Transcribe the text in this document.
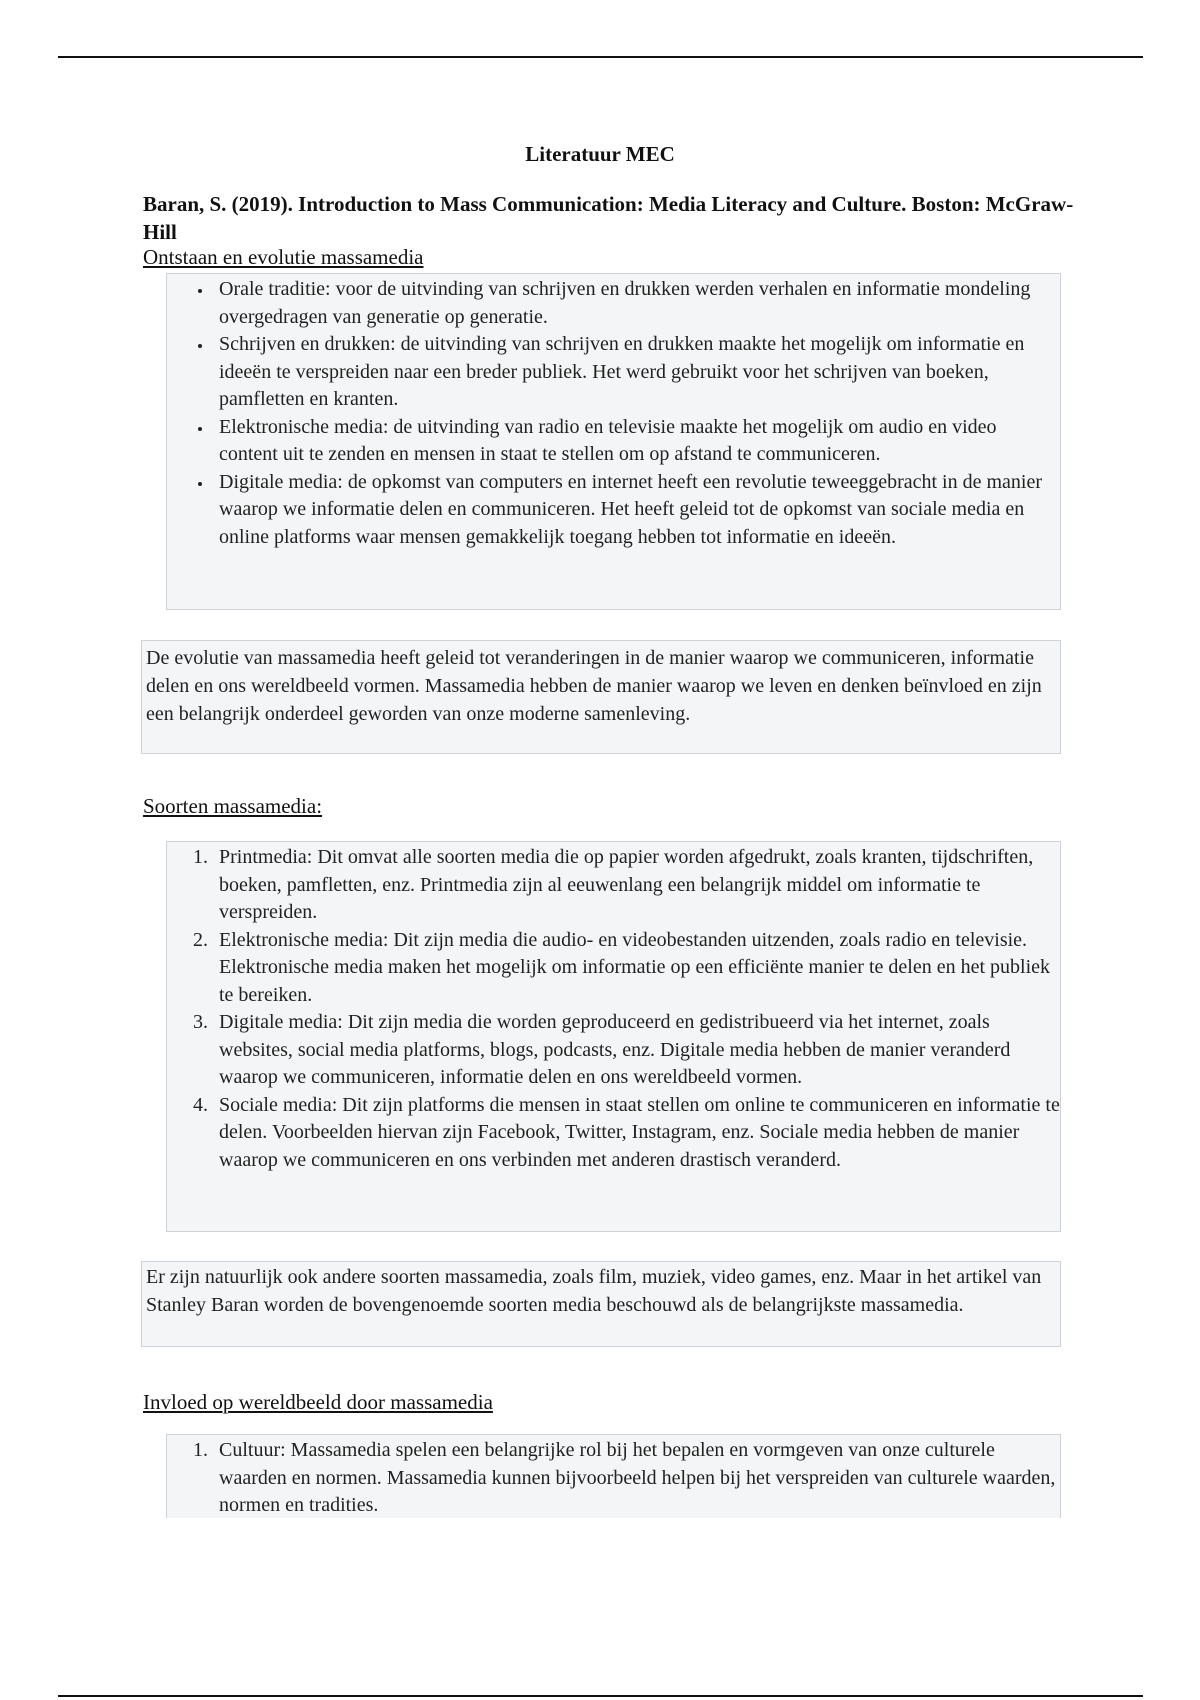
Literatuur MEC

Baran, S. (2019). Introduction to Mass Communication: Media Literacy and Culture. Boston: McGraw-Hill

Ontstaan en evolutie massamedia

• Orale traditie: voor de uitvinding van schrijven en drukken werden verhalen en informatie mondeling overgedragen van generatie op generatie.
• Schrijven en drukken: de uitvinding van schrijven en drukken maakte het mogelijk om informatie en ideeën te verspreiden naar een breder publiek. Het werd gebruikt voor het schrijven van boeken, pamfletten en kranten.
• Elektronische media: de uitvinding van radio en televisie maakte het mogelijk om audio en video content uit te zenden en mensen in staat te stellen om op afstand te communiceren.
• Digitale media: de opkomst van computers en internet heeft een revolutie teweeggebracht in de manier waarop we informatie delen en communiceren. Het heeft geleid tot de opkomst van sociale media en online platforms waar mensen gemakkelijk toegang hebben tot informatie en ideeën.

De evolutie van massamedia heeft geleid tot veranderingen in de manier waarop we communiceren, informatie delen en ons wereldbeeld vormen. Massamedia hebben de manier waarop we leven en denken beïnvloed en zijn een belangrijk onderdeel geworden van onze moderne samenleving.

Soorten massamedia:

1. Printmedia: Dit omvat alle soorten media die op papier worden afgedrukt, zoals kranten, tijdschriften, boeken, pamfletten, enz. Printmedia zijn al eeuwenlang een belangrijk middel om informatie te verspreiden.
2. Elektronische media: Dit zijn media die audio- en videobestanden uitzenden, zoals radio en televisie. Elektronische media maken het mogelijk om informatie op een efficiënte manier te delen en het publiek te bereiken.
3. Digitale media: Dit zijn media die worden geproduceerd en gedistribueerd via het internet, zoals websites, social media platforms, blogs, podcasts, enz. Digitale media hebben de manier veranderd waarop we communiceren, informatie delen en ons wereldbeeld vormen.
4. Sociale media: Dit zijn platforms die mensen in staat stellen om online te communiceren en informatie te delen. Voorbeelden hiervan zijn Facebook, Twitter, Instagram, enz. Sociale media hebben de manier waarop we communiceren en ons verbinden met anderen drastisch veranderd.

Er zijn natuurlijk ook andere soorten massamedia, zoals film, muziek, video games, enz. Maar in het artikel van Stanley Baran worden de bovengenoemde soorten media beschouwd als de belangrijkste massamedia.

Invloed op wereldbeeld door massamedia

1. Cultuur: Massamedia spelen een belangrijke rol bij het bepalen en vormgeven van onze culturele waarden en normen. Massamedia kunnen bijvoorbeeld helpen bij het verspreiden van culturele waarden, normen en tradities.
